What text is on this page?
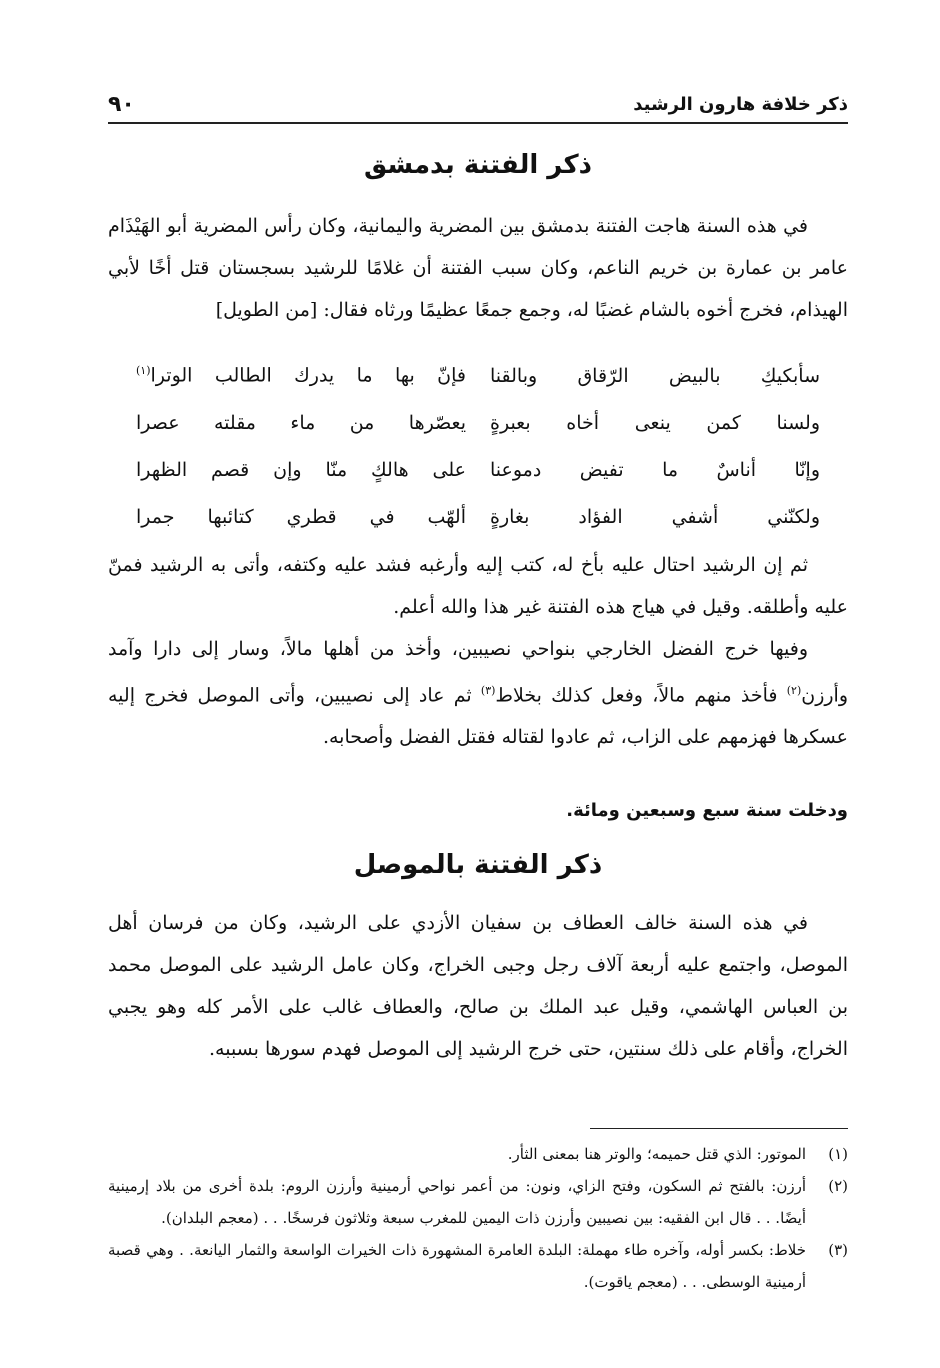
ذكر خلافة هارون الرشيد
٩٠
ذكر الفتنة بدمشق

في هذه السنة هاجت الفتنة بدمشق بين المضرية واليمانية، وكان رأس المضرية أبو الهَيْذَام عامر بن عمارة بن خريم الناعم، وكان سبب الفتنة أن غلامًا للرشيد بسجستان قتل أخًا لأبي الهيذام، فخرج أخوه بالشام غضبًا له، وجمع جمعًا عظيمًا ورثاه فقال: [من الطويل]

سأبكيكِ بالبيض الرّقاق وبالقنا
فإنّ بها ما يدرك الطالب الوترا$^{(١)}$
ولسنا كمن ينعى أخاه بعبرةٍ
يعصّرها من ماء مقلته عصرا
وإنّا أناسٌ ما تفيض دموعنا
على هالكٍ منّا وإن قصم الظهرا
ولكنّني أشفي الفؤاد بغارةٍ
ألهّب في قطري كتائبها جمرا

ثم إن الرشيد احتال عليه بأخ له، كتب إليه وأرغبه فشد عليه وكتفه، وأتى به الرشيد فمنّ عليه وأطلقه. وقيل في هياج هذه الفتنة غير هذا والله أعلم.

وفيها خرج الفضل الخارجي بنواحي نصيبين، وأخذ من أهلها مالاً، وسار إلى دارا وآمد وأرزن$^{(٢)}$ فأخذ منهم مالاً، وفعل كذلك بخلاط$^{(٣)}$ ثم عاد إلى نصيبين، وأتى الموصل فخرج إليه عسكرها فهزمهم على الزاب، ثم عادوا لقتاله فقتل الفضل وأصحابه.

ودخلت سنة سبع وسبعين ومائة.

ذكر الفتنة بالموصل

في هذه السنة خالف العطاف بن سفيان الأزدي على الرشيد، وكان من فرسان أهل الموصل، واجتمع عليه أربعة آلاف رجل وجبى الخراج، وكان عامل الرشيد على الموصل محمد بن العباس الهاشمي، وقيل عبد الملك بن صالح، والعطاف غالب على الأمر كله وهو يجبي الخراج، وأقام على ذلك سنتين، حتى خرج الرشيد إلى الموصل فهدم سورها بسببه.

(١)
الموتور: الذي قتل حميمه؛ والوتر هنا بمعنى الثأر.
(٢)
أرزن: بالفتح ثم السكون، وفتح الزاي، ونون: من أعمر نواحي أرمينية وأرزن الروم: بلدة أخرى من بلاد إرمينية أيضًا. . . قال ابن الفقيه: بين نصيبين وأرزن ذات اليمين للمغرب سبعة وثلاثون فرسخًا. . . (معجم البلدان).
(٣)
خلاط: بكسر أوله، وآخره طاء مهملة: البلدة العامرة المشهورة ذات الخيرات الواسعة والثمار اليانعة. . وهي قصبة أرمينية الوسطى. . . (معجم ياقوت).
